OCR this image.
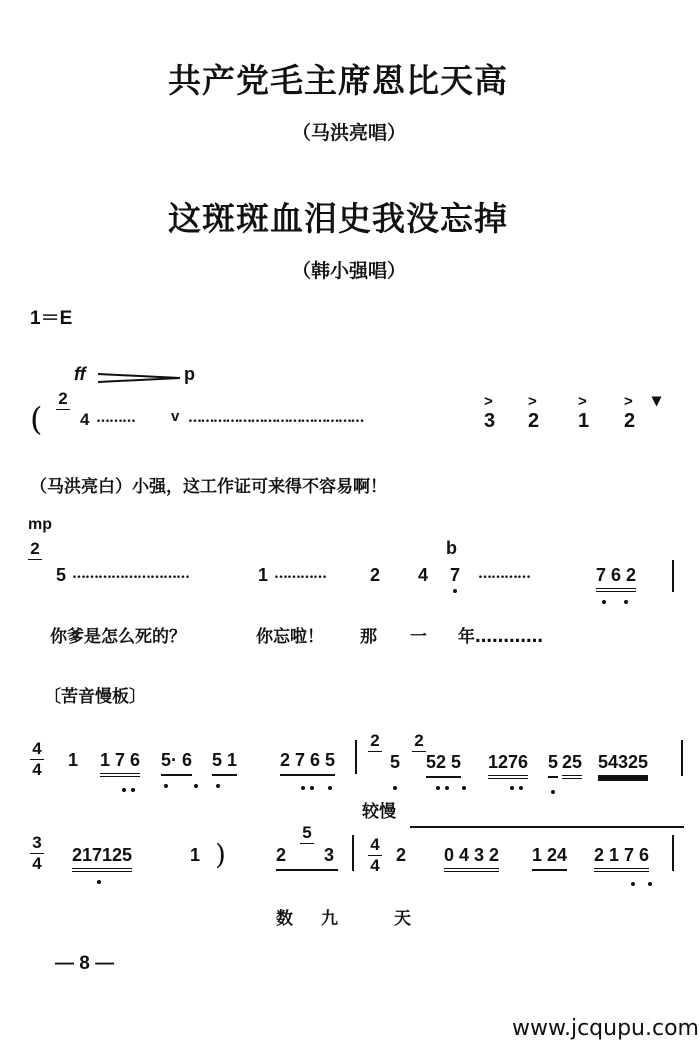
共产党毛主席恩比天高
（马洪亮唱）
这斑斑血泪史我没忘掉
（韩小强唱）
1＝E
ff	p
(
2
4 ……… v ……………………………………
>
3
>
2
>
1
>
2
▾
（马洪亮白）小强，这工作证可来得不容易啊！
mp
2
5 ………………………	1 ………… 2 4
b
7 …………	7 6 2
你爹是怎么死的？	你忘啦！ 那 一 年…………
〔苦音慢板〕
4
4 1 1 7 6 5· 6 5 1 2 7 6 5
2
5
2
52 5 1276 5 25 54325
较慢
3
4 217125	1 )	2
5
3
4
4
2 0 4 3 2 1 24 2 1 7 6
数 九	天
— 8 —
www.jcqupu.com
